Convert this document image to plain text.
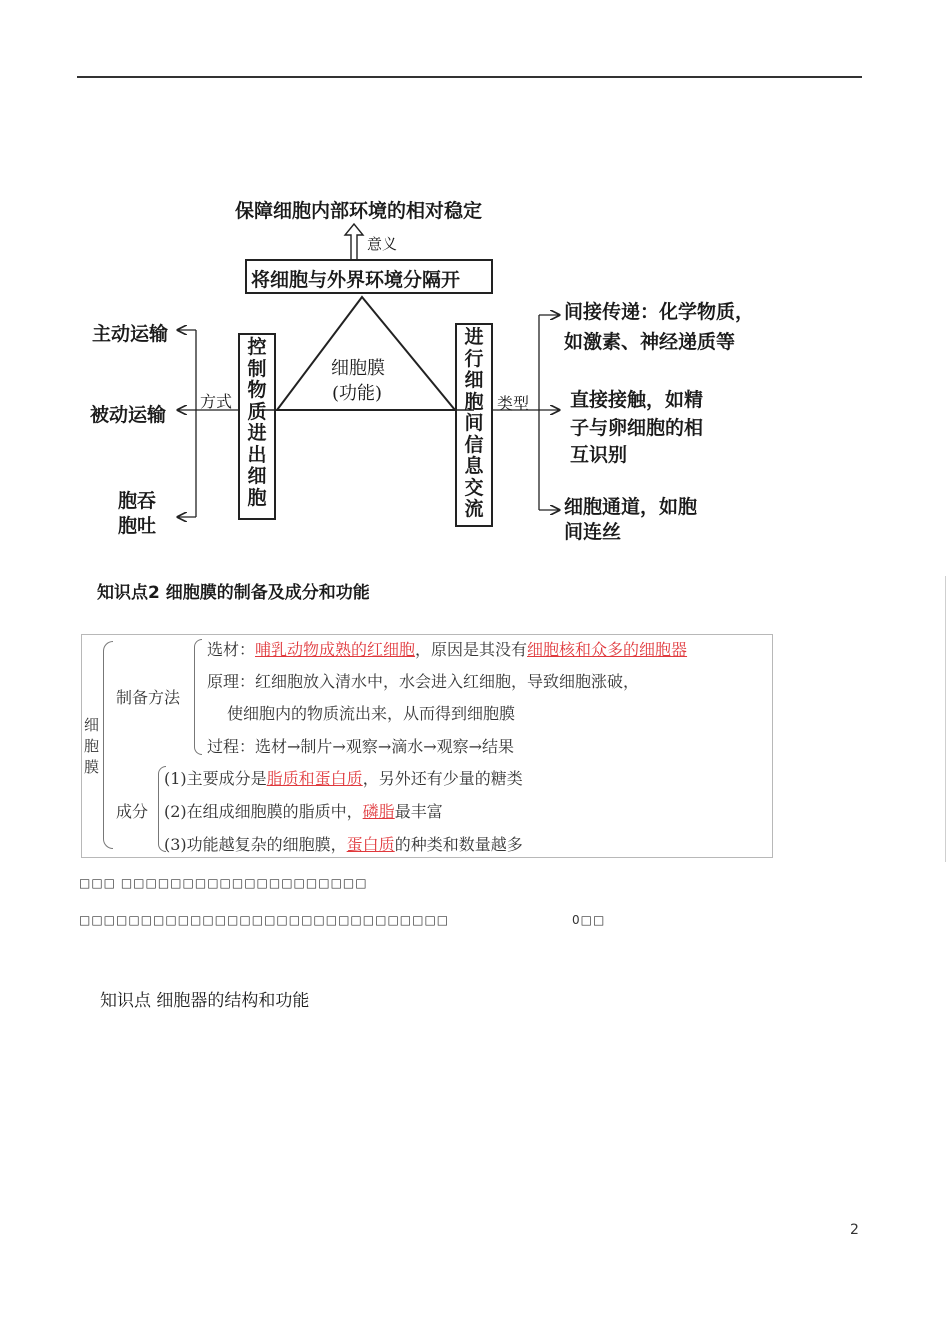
保障细胞内部环境的相对稳定
意义
将细胞与外界环境分隔开
细胞膜
(功能)
控
制
物
质
进
出
细
胞
进
行
细
胞
间
信
息
交
流
方式	类型
主动运输
被动运输
胞吞
胞吐
间接传递：化学物质，
如激素、神经递质等
直接接触，如精
子与卵细胞的相
互识别
细胞通道，如胞
间连丝
知识点2 细胞膜的制备及成分和功能
细
胞
膜
制备方法
选材：哺乳动物成熟的红细胞，原因是其没有细胞核和众多的细胞器
原理：红细胞放入清水中，水会进入红细胞，导致细胞涨破，
使细胞内的物质流出来，从而得到细胞膜
过程：选材→制片→观察→滴水→观察→结果
成分
(1)主要成分是脂质和蛋白质，另外还有少量的糖类
(2)在组成细胞膜的脂质中，磷脂最丰富
(3)功能越复杂的细胞膜，蛋白质的种类和数量越多
□□□ □□□□□□□□□□□□□□□□□□□□
□□□□□□□□□□□□□□□□□□□□□□□□□□□□□□	0□□
知识点 细胞器的结构和功能
2
